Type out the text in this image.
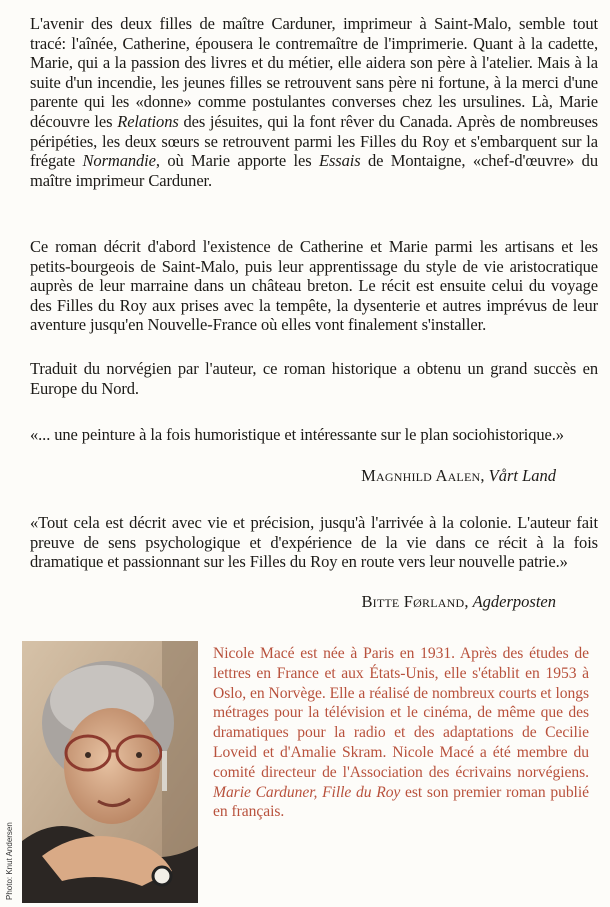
L'avenir des deux filles de maître Carduner, imprimeur à Saint-Malo, semble tout tracé: l'aînée, Catherine, épousera le contremaître de l'imprimerie. Quant à la cadette, Marie, qui a la passion des livres et du métier, elle aidera son père à l'atelier. Mais à la suite d'un incendie, les jeunes filles se retrouvent sans père ni fortune, à la merci d'une parente qui les «donne» comme postulantes converses chez les ursulines. Là, Marie découvre les Relations des jésuites, qui la font rêver du Canada. Après de nombreuses péripéties, les deux sœurs se retrouvent parmi les Filles du Roy et s'embarquent sur la frégate Normandie, où Marie apporte les Essais de Montaigne, «chef-d'œuvre» du maître imprimeur Carduner.

Ce roman décrit d'abord l'existence de Catherine et Marie parmi les artisans et les petits-bourgeois de Saint-Malo, puis leur apprentissage du style de vie aristocratique auprès de leur marraine dans un château breton. Le récit est ensuite celui du voyage des Filles du Roy aux prises avec la tempête, la dysenterie et autres imprévus de leur aventure jusqu'en Nouvelle-France où elles vont finalement s'installer.

Traduit du norvégien par l'auteur, ce roman historique a obtenu un grand succès en Europe du Nord.

«... une peinture à la fois humoristique et intéressante sur le plan sociohistorique.»

Magnhild Aalen, Vårt Land

«Tout cela est décrit avec vie et précision, jusqu'à l'arrivée à la colonie. L'auteur fait preuve de sens psychologique et d'expérience de la vie dans ce récit à la fois dramatique et passionnant sur les Filles du Roy en route vers leur nouvelle patrie.»

Bitte Førland, Agderposten
Photo: Knut Andersen

Nicole Macé est née à Paris en 1931. Après des études de lettres en France et aux États-Unis, elle s'établit en 1953 à Oslo, en Norvège. Elle a réalisé de nombreux courts et longs métrages pour la télévision et le cinéma, de même que des dramatiques pour la radio et des adaptations de Cecilie Loveid et d'Amalie Skram. Nicole Macé a été membre du comité directeur de l'Association des écrivains norvégiens. Marie Carduner, Fille du Roy est son premier roman publié en français.
